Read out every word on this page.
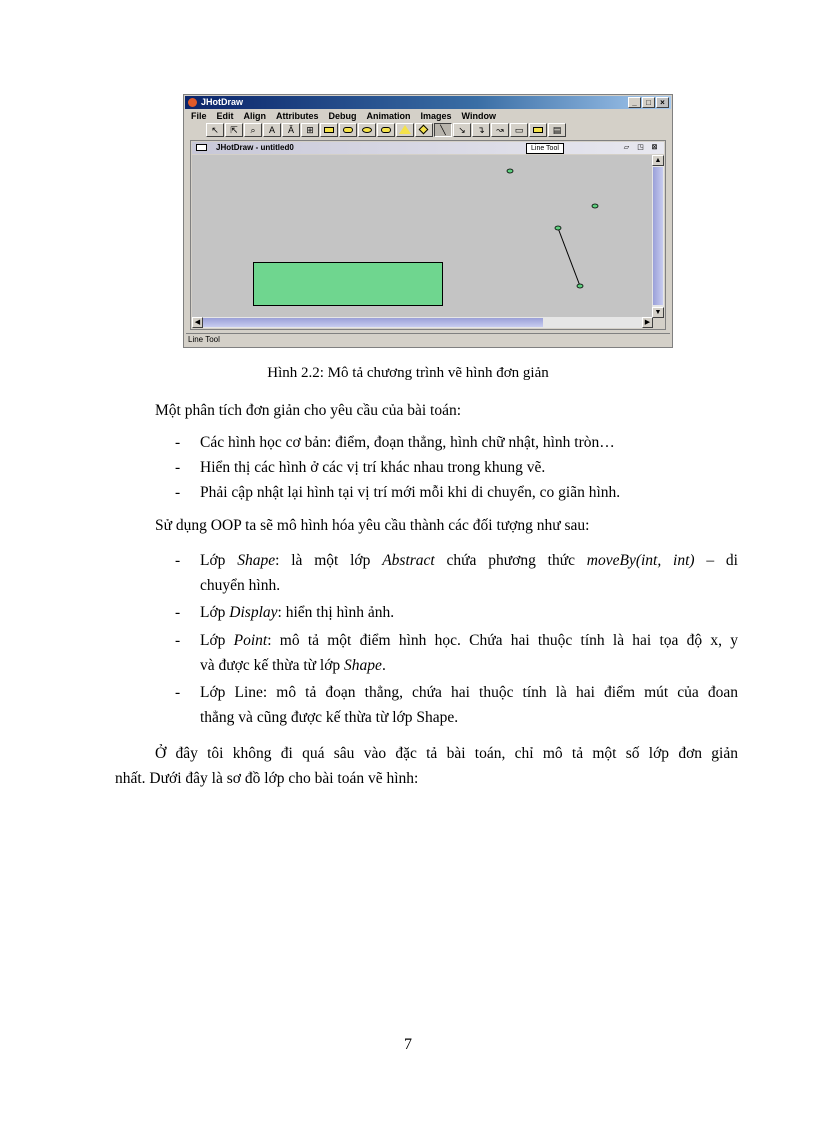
JHotDraw	_	□	×
File Edit Align Attributes Debug Animation Images Window
↖	⇱	⌕	A	Ă	⊞	╲	↘	↴	↝	▭	▤
JHotDraw - untitled0	Line Tool	▱	◳	⊠
▲
▼
◀	▶
Line Tool
Hình 2.2: Mô tả chương trình vẽ hình đơn giản
Một phân tích đơn giản cho yêu cầu của bài toán:
- Các hình học cơ bản: điểm, đoạn thẳng, hình chữ nhật, hình tròn…
- Hiển thị các hình ở các vị trí khác nhau trong khung vẽ.
- Phải cập nhật lại hình tại vị trí mới mỗi khi di chuyển, co giãn hình.
Sử dụng OOP ta sẽ mô hình hóa yêu cầu thành các đối tượng như sau:
- Lớp Shape: là một lớp Abstract chứa phương thức moveBy(int, int) – di
chuyển hình.
- Lớp Display: hiển thị hình ảnh.
- Lớp Point: mô tả một điểm hình học. Chứa hai thuộc tính là hai tọa độ x, y
và được kế thừa từ lớp Shape.
- Lớp Line: mô tả đoạn thẳng, chứa hai thuộc tính là hai điểm mút của đoan
thẳng và cũng được kế thừa từ lớp Shape.
Ở đây tôi không đi quá sâu vào đặc tả bài toán, chỉ mô tả một số lớp đơn giản
nhất. Dưới đây là sơ đồ lớp cho bài toán vẽ hình:
7
